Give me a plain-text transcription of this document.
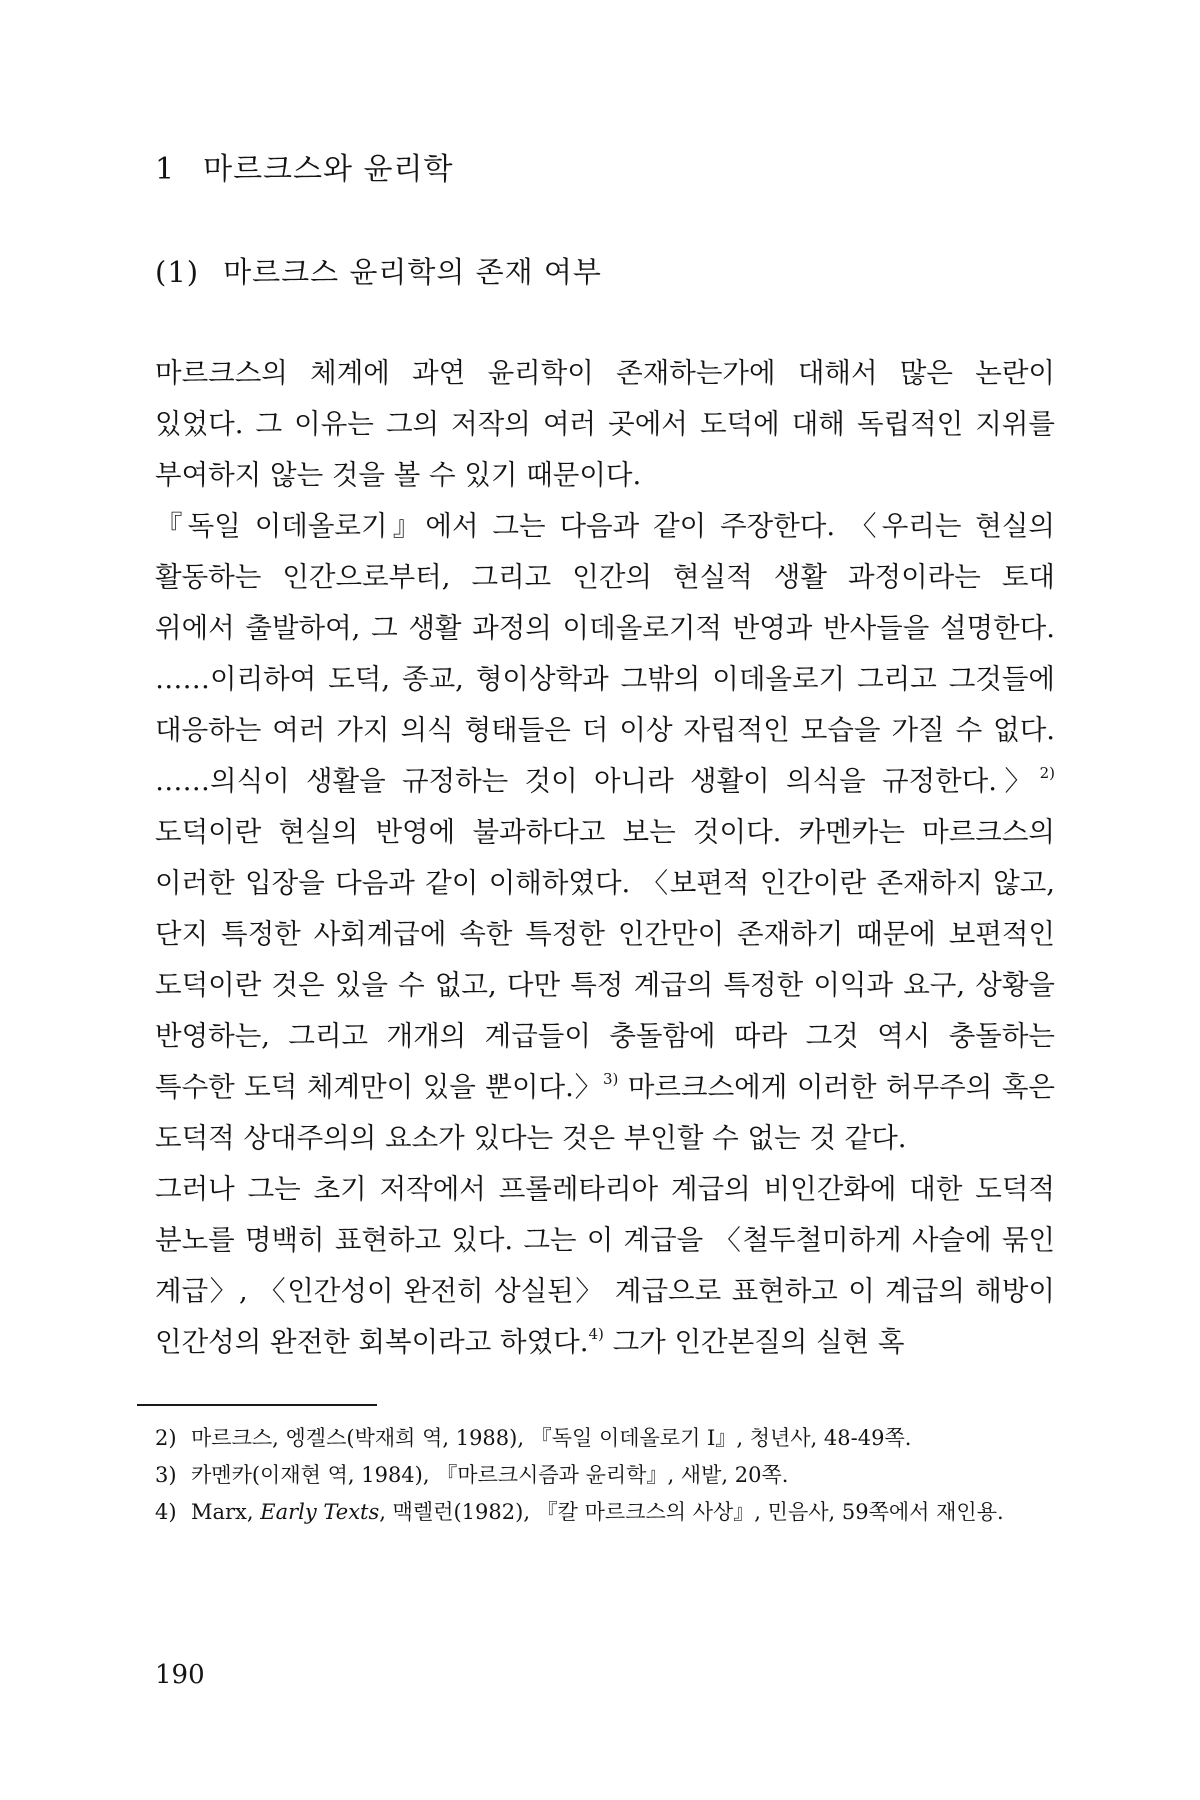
1 마르크스와 윤리학
(1) 마르크스 윤리학의 존재 여부

마르크스의 체계에 과연 윤리학이 존재하는가에 대해서 많은 논란이 있었다. 그 이유는 그의 저작의 여러 곳에서 도덕에 대해 독립적인 지위를 부여하지 않는 것을 볼 수 있기 때문이다.

『독일 이데올로기』에서 그는 다음과 같이 주장한다. 〈우리는 현실의 활동하는 인간으로부터, 그리고 인간의 현실적 생활 과정이라는 토대 위에서 출발하여, 그 생활 과정의 이데올로기적 반영과 반사들을 설명한다. ……이리하여 도덕, 종교, 형이상학과 그밖의 이데올로기 그리고 그것들에 대응하는 여러 가지 의식 형태들은 더 이상 자립적인 모습을 가질 수 없다. ……의식이 생활을 규정하는 것이 아니라 생활이 의식을 규정한다.〉$^{2)}$ 도덕이란 현실의 반영에 불과하다고 보는 것이다. 카멘카는 마르크스의 이러한 입장을 다음과 같이 이해하였다. 〈보편적 인간이란 존재하지 않고, 단지 특정한 사회계급에 속한 특정한 인간만이 존재하기 때문에 보편적인 도덕이란 것은 있을 수 없고, 다만 특정 계급의 특정한 이익과 요구, 상황을 반영하는, 그리고 개개의 계급들이 충돌함에 따라 그것 역시 충돌하는 특수한 도덕 체계만이 있을 뿐이다.〉$^{3)}$ 마르크스에게 이러한 허무주의 혹은 도덕적 상대주의의 요소가 있다는 것은 부인할 수 없는 것 같다.

그러나 그는 초기 저작에서 프롤레타리아 계급의 비인간화에 대한 도덕적 분노를 명백히 표현하고 있다. 그는 이 계급을 〈철두철미하게 사슬에 묶인 계급〉, 〈인간성이 완전히 상실된〉 계급으로 표현하고 이 계급의 해방이 인간성의 완전한 회복이라고 하였다.$^{4)}$ 그가 인간본질의 실현 혹

2) 마르크스, 엥겔스(박재희 역, 1988), 『독일 이데올로기 Ⅰ』, 청년사, 48-49쪽.
3) 카멘카(이재현 역, 1984), 『마르크시즘과 윤리학』, 새밭, 20쪽.
4) Marx, Early Texts, 맥렐런(1982), 『칼 마르크스의 사상』, 민음사, 59쪽에서 재인용.
190
